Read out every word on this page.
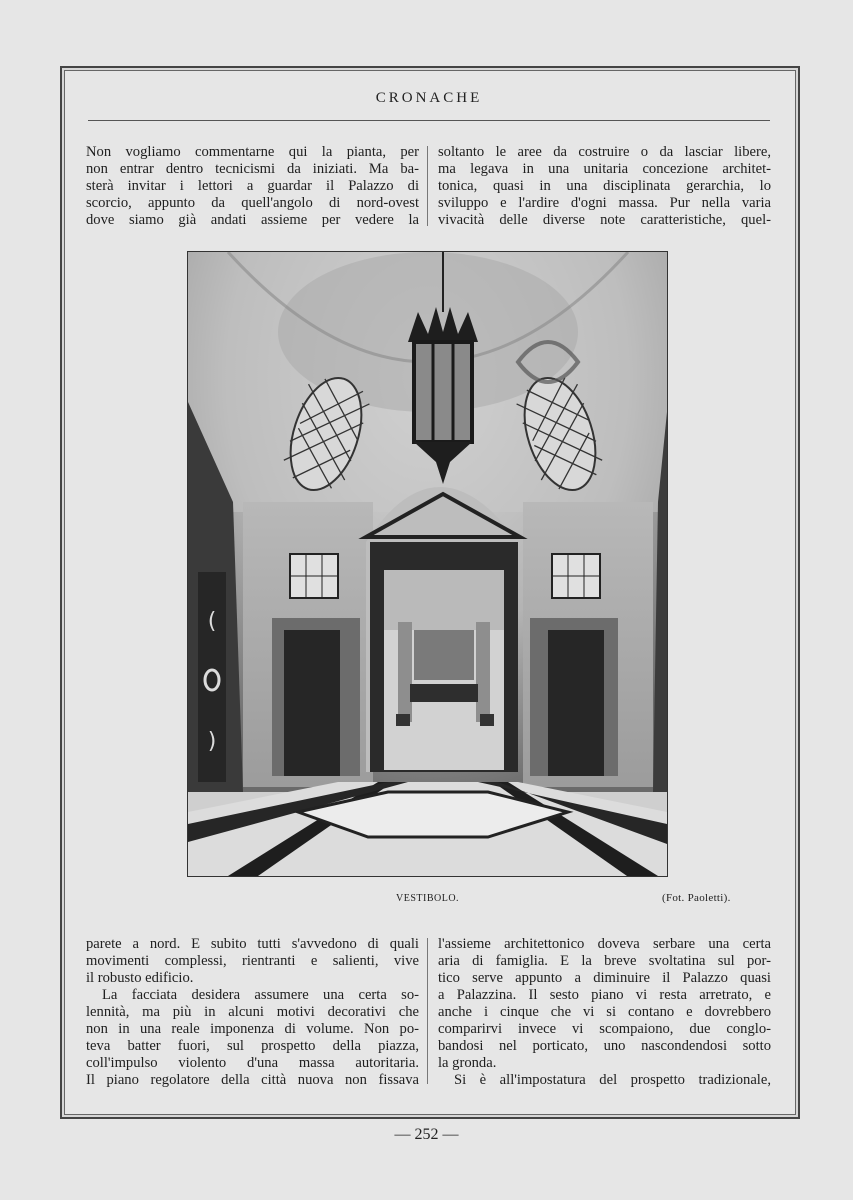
CRONACHE
Non vogliamo commentarne qui la pianta, per
non entrar dentro tecnicismi da iniziati. Ma ba-
sterà invitar i lettori a guardar il Palazzo di
scorcio, appunto da quell'angolo di nord-ovest
dove siamo già andati assieme per vedere la
soltanto le aree da costruire o da lasciar libere,
ma legava in una unitaria concezione architet-
tonica, quasi in una disciplinata gerarchia, lo
sviluppo e l'ardire d'ogni massa. Pur nella varia
vivacità delle diverse note caratteristiche, quel-
(
)
VESTIBOLO.	(Fot. Paoletti).
parete a nord. E subito tutti s'avvedono di quali
movimenti complessi, rientranti e salienti, vive
il robusto edificio.
La facciata desidera assumere una certa so-
lennità, ma più in alcuni motivi decorativi che
non in una reale imponenza di volume. Non po-
teva batter fuori, sul prospetto della piazza,
coll'impulso violento d'una massa autoritaria.
Il piano regolatore della città nuova non fissava
l'assieme architettonico doveva serbare una certa
aria di famiglia. E la breve svoltatina sul por-
tico serve appunto a diminuire il Palazzo quasi
a Palazzina. Il sesto piano vi resta arretrato, e
anche i cinque che vi si contano e dovrebbero
comparirvi invece vi scompaiono, due conglo-
bandosi nel porticato, uno nascondendosi sotto
la gronda.
Si è all'impostatura del prospetto tradizionale,
— 252 —
